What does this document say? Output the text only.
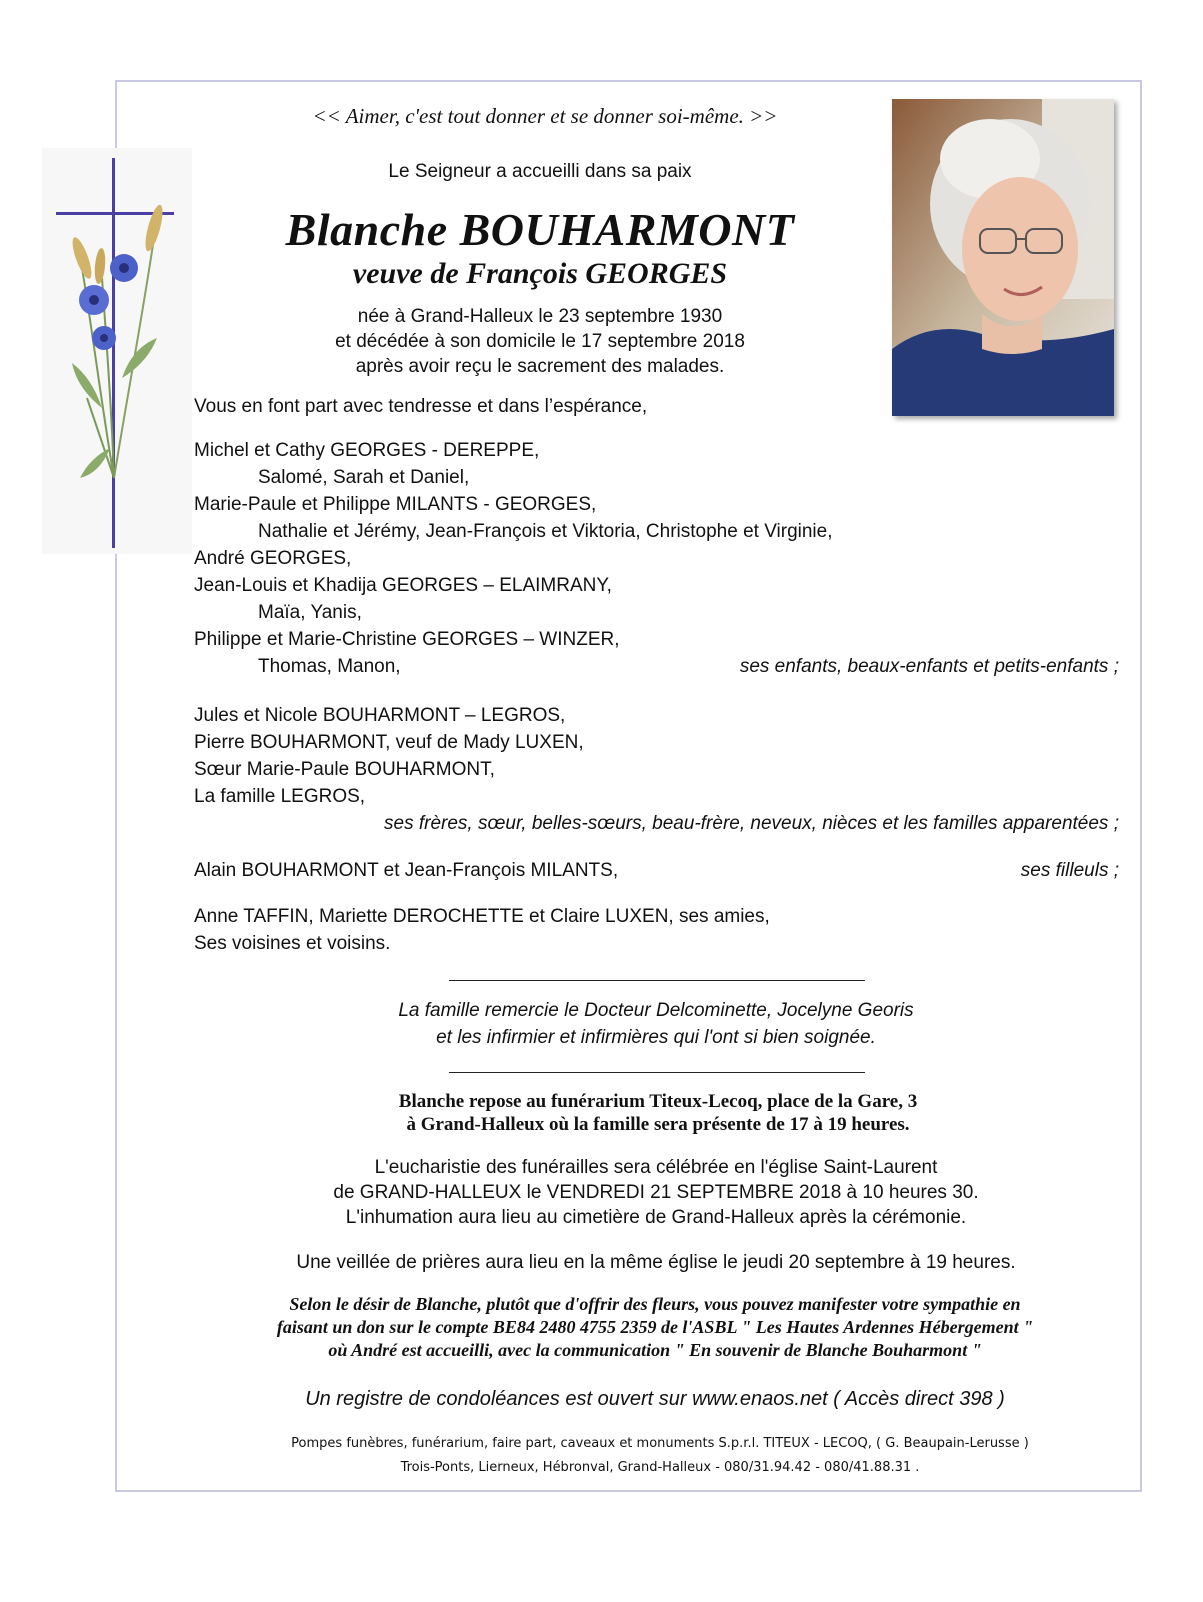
<< Aimer, c'est tout donner et se donner soi-même. >>
Le Seigneur a accueilli dans sa paix
Blanche BOUHARMONT
veuve de François GEORGES
née à Grand-Halleux le 23 septembre 1930
et décédée à son domicile le 17 septembre 2018
après avoir reçu le sacrement des malades.
Vous en font part avec tendresse et dans l’espérance,
Michel et Cathy GEORGES - DEREPPE,
Salomé, Sarah et Daniel,
Marie-Paule et Philippe MILANTS - GEORGES,
Nathalie et Jérémy, Jean-François et Viktoria, Christophe et Virginie,
André GEORGES,
Jean-Louis et Khadija GEORGES – ELAIMRANY,
Maïa, Yanis,
Philippe et Marie-Christine GEORGES – WINZER,
Thomas, Manon,	ses enfants, beaux-enfants et petits-enfants ;
Jules et Nicole BOUHARMONT – LEGROS,
Pierre BOUHARMONT, veuf de Mady LUXEN,
Sœur Marie-Paule BOUHARMONT,
La famille LEGROS,
ses frères, sœur, belles-sœurs, beau-frère, neveux, nièces et les familles apparentées ;
Alain BOUHARMONT et Jean-François MILANTS,	ses filleuls ;
Anne TAFFIN, Mariette DEROCHETTE et Claire LUXEN, ses amies,
Ses voisines et voisins.
La famille remercie le Docteur Delcominette, Jocelyne Georis
et les infirmier et infirmières qui l'ont si bien soignée.
Blanche repose au funérarium Titeux-Lecoq, place de la Gare, 3
à Grand-Halleux où la famille sera présente de 17 à 19 heures.
L'eucharistie des funérailles sera célébrée en l'église Saint-Laurent
de GRAND-HALLEUX le VENDREDI 21 SEPTEMBRE 2018 à 10 heures 30.
L'inhumation aura lieu au cimetière de Grand-Halleux après la cérémonie.
Une veillée de prières aura lieu en la même église le jeudi 20 septembre à 19 heures.
Selon le désir de Blanche, plutôt que d'offrir des fleurs, vous pouvez manifester votre sympathie en
faisant un don sur le compte BE84 2480 4755 2359 de l'ASBL " Les Hautes Ardennes Hébergement "
où André est accueilli, avec la communication " En souvenir de Blanche Bouharmont "
Un registre de condoléances est ouvert sur www.enaos.net ( Accès direct 398 )
Pompes funèbres, funérarium, faire part, caveaux et monuments S.p.r.l. TITEUX - LECOQ, ( G. Beaupain-Lerusse )
Trois-Ponts, Lierneux, Hébronval, Grand-Halleux - 080/31.94.42 - 080/41.88.31 .
